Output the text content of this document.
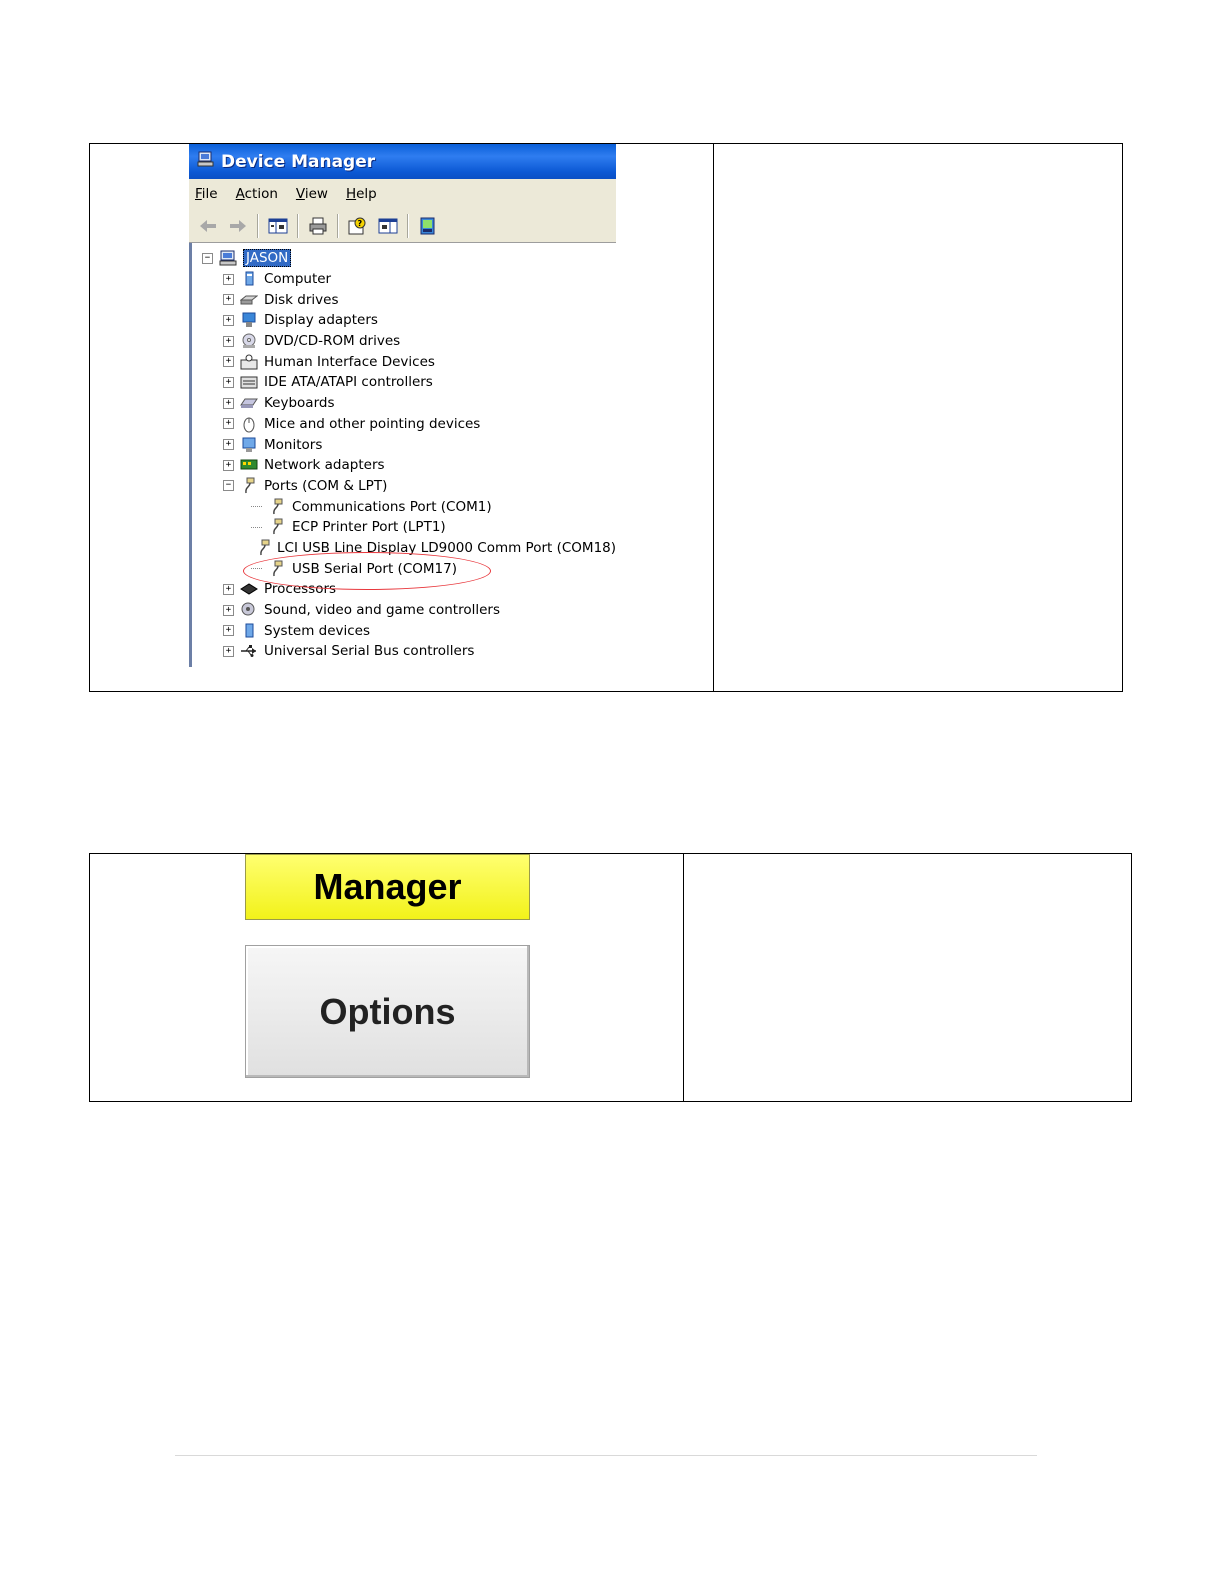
Device Manager
File Action View Help
?
−	JASON
+ Computer
+ Disk drives
+ Display adapters
+ DVD/CD-ROM drives
+ Human Interface Devices
+ IDE ATA/ATAPI controllers
+ Keyboards
+ Mice and other pointing devices
+ Monitors
+ Network adapters
− Ports (COM & LPT)
Communications Port (COM1)
ECP Printer Port (LPT1)
LCI USB Line Display LD9000 Comm Port (COM18)
USB Serial Port (COM17)
+ Processors
+ Sound, video and game controllers
+ System devices
+ Universal Serial Bus controllers
Manager
Options
